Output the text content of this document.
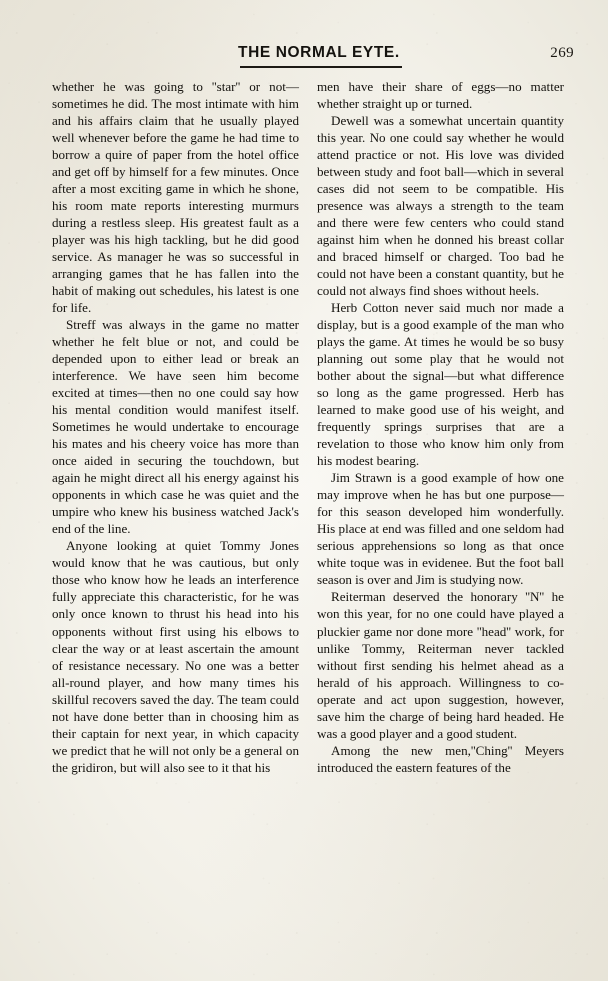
THE NORMAL EYTE.	269

whether he was going to ''star'' or not—sometimes he did. The most intimate with him and his affairs claim that he usually played well whenever before the game he had time to borrow a quire of paper from the hotel office and get off by himself for a few minutes. Once after a most exciting game in which he shone, his room mate reports interesting murmurs during a restless sleep. His greatest fault as a player was his high tackling, but he did good service. As manager he was so successful in arranging games that he has fallen into the habit of making out schedules, his latest is one for life.

Streff was always in the game no matter whether he felt blue or not, and could be depended upon to either lead or break an interference. We have seen him become excited at times—then no one could say how his mental condition would manifest itself. Sometimes he would undertake to encourage his mates and his cheery voice has more than once aided in securing the touchdown, but again he might direct all his energy against his opponents in which case he was quiet and the umpire who knew his business watched Jack's end of the line.

Anyone looking at quiet Tommy Jones would know that he was cautious, but only those who know how he leads an interference fully appreciate this characteristic, for he was only once known to thrust his head into his opponents without first using his elbows to clear the way or at least ascertain the amount of resistance necessary. No one was a better all-round player, and how many times his skillful recovers saved the day. The team could not have done better than in choosing him as their captain for next year, in which capacity we predict that he will not only be a general on the gridiron, but will also see to it that his

men have their share of eggs—no matter whether straight up or turned.

Dewell was a somewhat uncertain quantity this year. No one could say whether he would attend practice or not. His love was divided between study and foot ball—which in several cases did not seem to be compatible. His presence was always a strength to the team and there were few centers who could stand against him when he donned his breast collar and braced himself or charged. Too bad he could not have been a constant quantity, but he could not always find shoes without heels.

Herb Cotton never said much nor made a display, but is a good example of the man who plays the game. At times he would be so busy planning out some play that he would not bother about the signal—but what difference so long as the game progressed. Herb has learned to make good use of his weight, and frequently springs surprises that are a revelation to those who know him only from his modest bearing.

Jim Strawn is a good example of how one may improve when he has but one purpose—for this season developed him wonderfully. His place at end was filled and one seldom had serious apprehensions so long as that once white toque was in evidenee. But the foot ball season is over and Jim is studying now.

Reiterman deserved the honorary ''N'' he won this year, for no one could have played a pluckier game nor done more ''head'' work, for unlike Tommy, Reiterman never tackled without first sending his helmet ahead as a herald of his approach. Willingness to co-operate and act upon suggestion, however, save him the charge of being hard headed. He was a good player and a good student.

Among the new men,''Ching'' Meyers introduced the eastern features of the
